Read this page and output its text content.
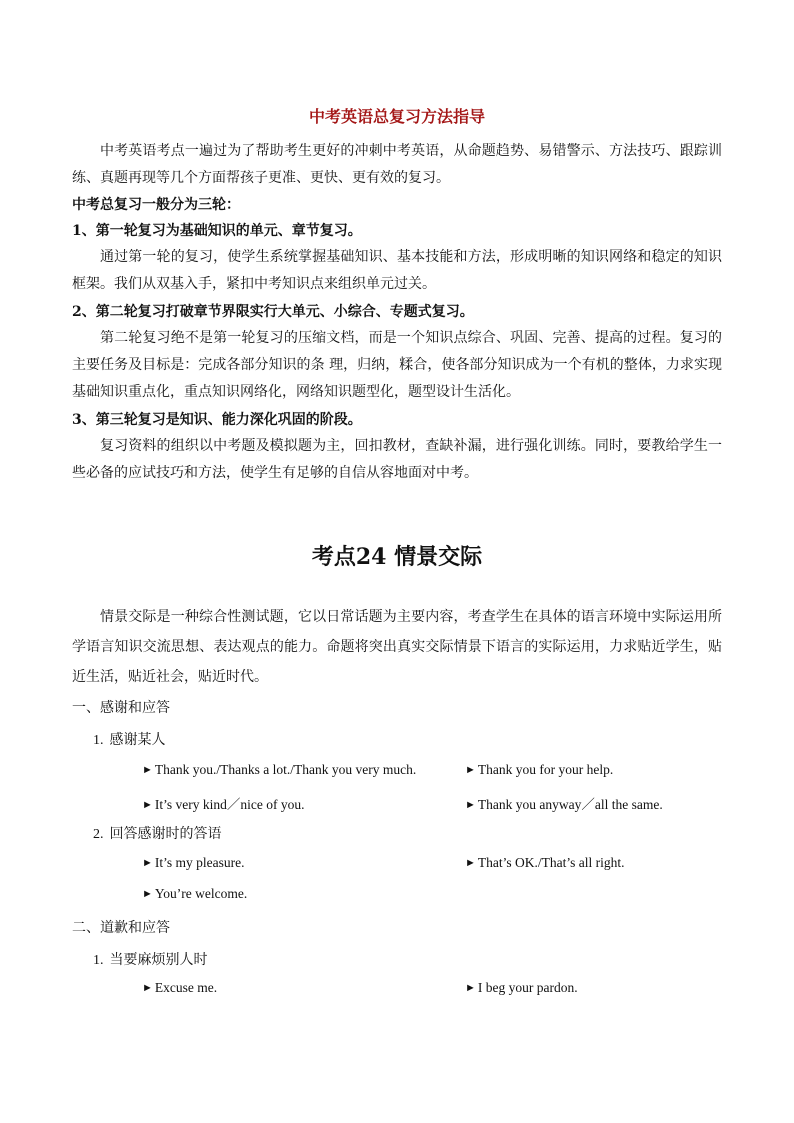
中考英语总复习方法指导

中考英语考点一遍过为了帮助考生更好的冲刺中考英语，从命题趋势、易错警示、方法技巧、跟踪训练、真题再现等几个方面帮孩子更准、更快、更有效的复习。

中考总复习一般分为三轮：

1、第一轮复习为基础知识的单元、章节复习。

通过第一轮的复习，使学生系统掌握基础知识、基本技能和方法，形成明晰的知识网络和稳定的知识框架。我们从双基入手，紧扣中考知识点来组织单元过关。

2、第二轮复习打破章节界限实行大单元、小综合、专题式复习。

第二轮复习绝不是第一轮复习的压缩文档，而是一个知识点综合、巩固、完善、提高的过程。复习的主要任务及目标是：完成各部分知识的条 理，归纳，糅合，使各部分知识成为一个有机的整体，力求实现基础知识重点化，重点知识网络化，网络知识题型化，题型设计生活化。

3、第三轮复习是知识、能力深化巩固的阶段。

复习资料的组织以中考题及模拟题为主，回扣教材，查缺补漏，进行强化训练。同时，要教给学生一些必备的应试技巧和方法，使学生有足够的自信从容地面对中考。

考点24 情景交际

情景交际是一种综合性测试题，它以日常话题为主要内容，考查学生在具体的语言环境中实际运用所学语言知识交流思想、表达观点的能力。命题将突出真实交际情景下语言的实际运用，力求贴近学生，贴近生活，贴近社会，贴近时代。

一、感谢和应答

1. 感谢某人

► Thank you./Thanks a lot./Thank you very much.	► Thank you for your help.

► It’s very kind／nice of you.	► Thank you anyway／all the same.

2. 回答感谢时的答语

► It’s my pleasure.	► That’s OK./That’s all right.

► You’re welcome.

二、道歉和应答

1. 当要麻烦别人时

► Excuse me.	► I beg your pardon.
